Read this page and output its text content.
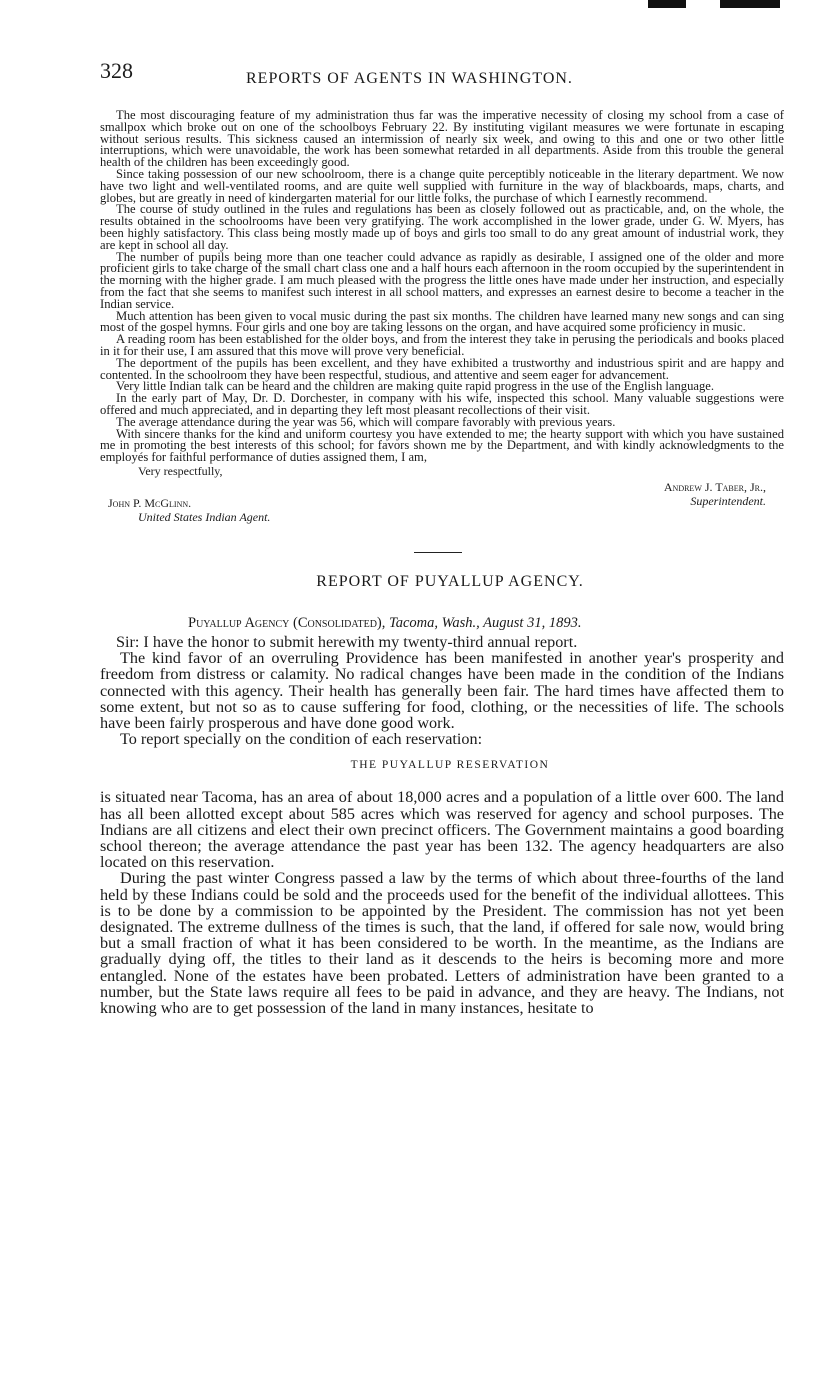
328	REPORTS OF AGENTS IN WASHINGTON.

The most discouraging feature of my administration thus far was the imperative necessity of closing my school from a case of smallpox which broke out on one of the schoolboys February 22. By instituting vigilant measures we were fortunate in escaping without serious results. This sickness caused an intermission of nearly six week, and owing to this and one or two other little interruptions, which were unavoidable, the work has been somewhat retarded in all departments. Aside from this trouble the general health of the children has been exceedingly good.

Since taking possession of our new schoolroom, there is a change quite perceptibly noticeable in the literary department. We now have two light and well-ventilated rooms, and are quite well supplied with furniture in the way of blackboards, maps, charts, and globes, but are greatly in need of kindergarten material for our little folks, the purchase of which I earnestly recommend.

The course of study outlined in the rules and regulations has been as closely followed out as practicable, and, on the whole, the results obtained in the schoolrooms have been very gratifying. The work accomplished in the lower grade, under G. W. Myers, has been highly satisfactory. This class being mostly made up of boys and girls too small to do any great amount of industrial work, they are kept in school all day.

The number of pupils being more than one teacher could advance as rapidly as desirable, I assigned one of the older and more proficient girls to take charge of the small chart class one and a half hours each afternoon in the room occupied by the superintendent in the morning with the higher grade. I am much pleased with the progress the little ones have made under her instruction, and especially from the fact that she seems to manifest such interest in all school matters, and expresses an earnest desire to become a teacher in the Indian service.

Much attention has been given to vocal music during the past six months. The children have learned many new songs and can sing most of the gospel hymns. Four girls and one boy are taking lessons on the organ, and have acquired some proficiency in music.

A reading room has been established for the older boys, and from the interest they take in perusing the periodicals and books placed in it for their use, I am assured that this move will prove very beneficial.

The deportment of the pupils has been excellent, and they have exhibited a trustworthy and industrious spirit and are happy and contented. In the schoolroom they have been respectful, studious, and attentive and seem eager for advancement.

Very little Indian talk can be heard and the children are making quite rapid progress in the use of the English language.

In the early part of May, Dr. D. Dorchester, in company with his wife, inspected this school. Many valuable suggestions were offered and much appreciated, and in departing they left most pleasant recollections of their visit.

The average attendance during the year was 56, which will compare favorably with previous years.

With sincere thanks for the kind and uniform courtesy you have extended to me; the hearty support with which you have sustained me in promoting the best interests of this school; for favors shown me by the Department, and with kindly acknowledgments to the employés for faithful performance of duties assigned them, I am,

Very respectfully,
Andrew J. Taber, Jr.,
Superintendent.
John P. McGlinn.
United States Indian Agent.
REPORT OF PUYALLUP AGENCY.
Puyallup Agency (Consolidated), Tacoma, Wash., August 31, 1893.

Sir: I have the honor to submit herewith my twenty-third annual report.

The kind favor of an overruling Providence has been manifested in another year's prosperity and freedom from distress or calamity. No radical changes have been made in the condition of the Indians connected with this agency. Their health has generally been fair. The hard times have affected them to some extent, but not so as to cause suffering for food, clothing, or the necessities of life. The schools have been fairly prosperous and have done good work.

To report specially on the condition of each reservation:

THE PUYALLUP RESERVATION

is situated near Tacoma, has an area of about 18,000 acres and a population of a little over 600. The land has all been allotted except about 585 acres which was reserved for agency and school purposes. The Indians are all citizens and elect their own precinct officers. The Government maintains a good boarding school thereon; the average attendance the past year has been 132. The agency headquarters are also located on this reservation.

During the past winter Congress passed a law by the terms of which about three-fourths of the land held by these Indians could be sold and the proceeds used for the benefit of the individual allottees. This is to be done by a commission to be appointed by the President. The commission has not yet been designated. The extreme dullness of the times is such, that the land, if offered for sale now, would bring but a small fraction of what it has been considered to be worth. In the meantime, as the Indians are gradually dying off, the titles to their land as it descends to the heirs is becoming more and more entangled. None of the estates have been probated. Letters of administration have been granted to a number, but the State laws require all fees to be paid in advance, and they are heavy. The Indians, not knowing who are to get possession of the land in many instances, hesitate to
